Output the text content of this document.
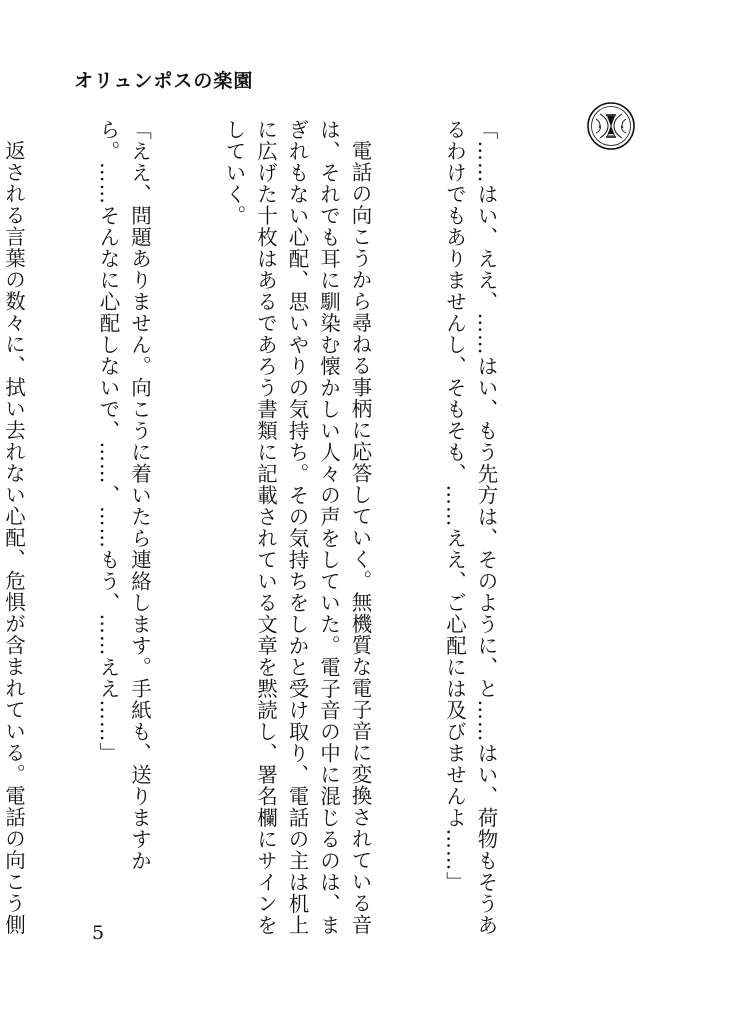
オリュンポスの楽園

「……はい、ええ、……はい、もう先方は、そのように、と……はい、荷物もそうあるわけでもありませんし、そもそも、……ええ、ご心配には及びませんよ……」

電話の向こうから尋ねる事柄に応答していく。無機質な電子音に変換されている音は、それでも耳に馴染む懐かしい人々の声をしていた。電子音の中に混じるのは、まぎれもない心配、思いやりの気持ち。その気持ちをしかと受け取り、電話の主は机上に広げた十枚はあるであろう書類に記載されている文章を黙読し、署名欄にサインをしていく。

「ええ、問題ありません。向こうに着いたら連絡します。手紙も、送りますから。……そんなに心配しないで、……、……もう、……ええ……」

返される言葉の数々に、拭い去れない心配、危惧が含まれている。電話の向こう側

	5
